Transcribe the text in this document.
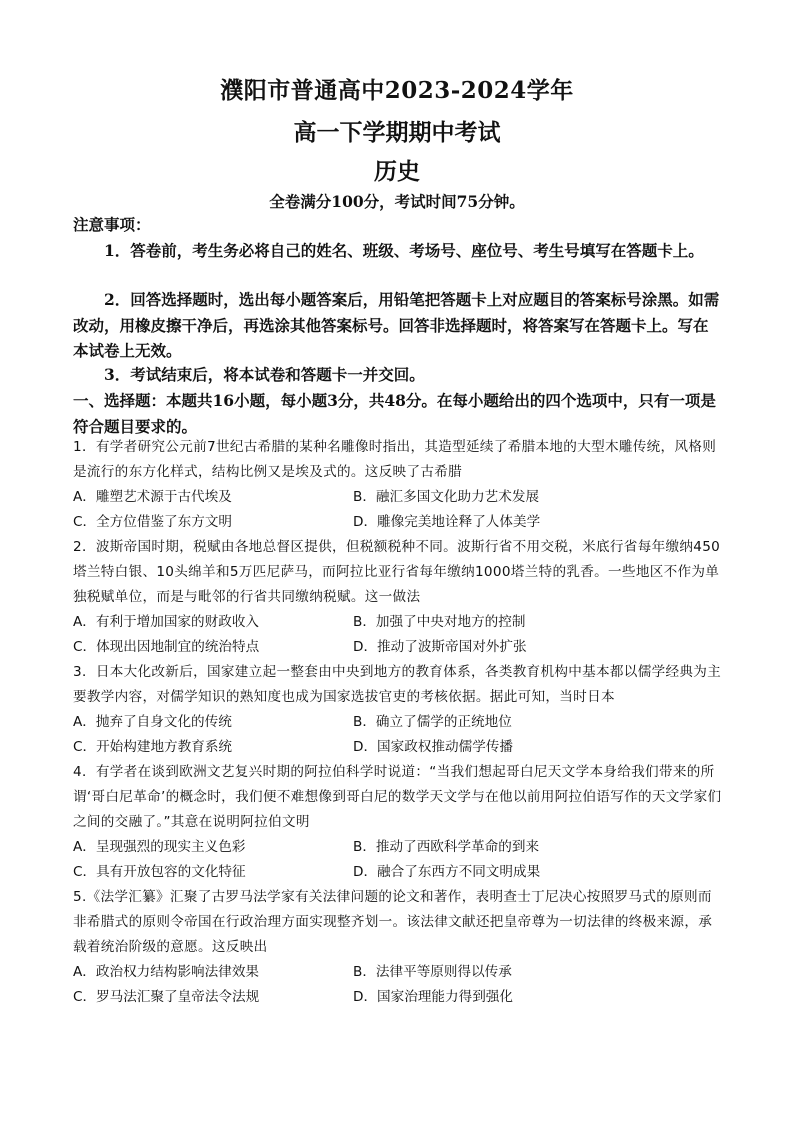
濮阳市普通高中2023-2024学年
高一下学期期中考试
历史
全卷满分100分，考试时间75分钟。
注意事项：
1．答卷前，考生务必将自己的姓名、班级、考场号、座位号、考生号填写在答题卡上。
2．回答选择题时，选出每小题答案后，用铅笔把答题卡上对应题目的答案标号涂黑。如需改动，用橡皮擦干净后，再选涂其他答案标号。回答非选择题时，将答案写在答题卡上。写在本试卷上无效。
3．考试结束后，将本试卷和答题卡一并交回。
一、选择题：本题共16小题，每小题3分，共48分。在每小题给出的四个选项中，只有一项是符合题目要求的。
1．有学者研究公元前7世纪古希腊的某种名雕像时指出，其造型延续了希腊本地的大型木雕传统，风格则是流行的东方化样式，结构比例又是埃及式的。这反映了古希腊
A．雕塑艺术源于古代埃及	B．融汇多国文化助力艺术发展
C．全方位借鉴了东方文明	D．雕像完美地诠释了人体美学
2．波斯帝国时期，税赋由各地总督区提供，但税额税种不同。波斯行省不用交税，米底行省每年缴纳450塔兰特白银、10头绵羊和5万匹尼萨马，而阿拉比亚行省每年缴纳1000塔兰特的乳香。一些地区不作为单独税赋单位，而是与毗邻的行省共同缴纳税赋。这一做法
A．有利于增加国家的财政收入	B．加强了中央对地方的控制
C．体现出因地制宜的统治特点	D．推动了波斯帝国对外扩张
3．日本大化改新后，国家建立起一整套由中央到地方的教育体系，各类教育机构中基本都以儒学经典为主要教学内容，对儒学知识的熟知度也成为国家选拔官吏的考核依据。据此可知，当时日本
A．抛弃了自身文化的传统	B．确立了儒学的正统地位
C．开始构建地方教育系统	D．国家政权推动儒学传播
4．有学者在谈到欧洲文艺复兴时期的阿拉伯科学时说道：“当我们想起哥白尼天文学本身给我们带来的所谓‘哥白尼革命’的概念时，我们便不难想像到哥白尼的数学天文学与在他以前用阿拉伯语写作的天文学家们之间的交融了。”其意在说明阿拉伯文明
A．呈现强烈的现实主义色彩	B．推动了西欧科学革命的到来
C．具有开放包容的文化特征	D．融合了东西方不同文明成果
5.《法学汇纂》汇聚了古罗马法学家有关法律问题的论文和著作，表明查士丁尼决心按照罗马式的原则而非希腊式的原则令帝国在行政治理方面实现整齐划一。该法律文献还把皇帝尊为一切法律的终极来源，承载着统治阶级的意愿。这反映出
A．政治权力结构影响法律效果	B．法律平等原则得以传承
C．罗马法汇聚了皇帝法令法规	D．国家治理能力得到强化
